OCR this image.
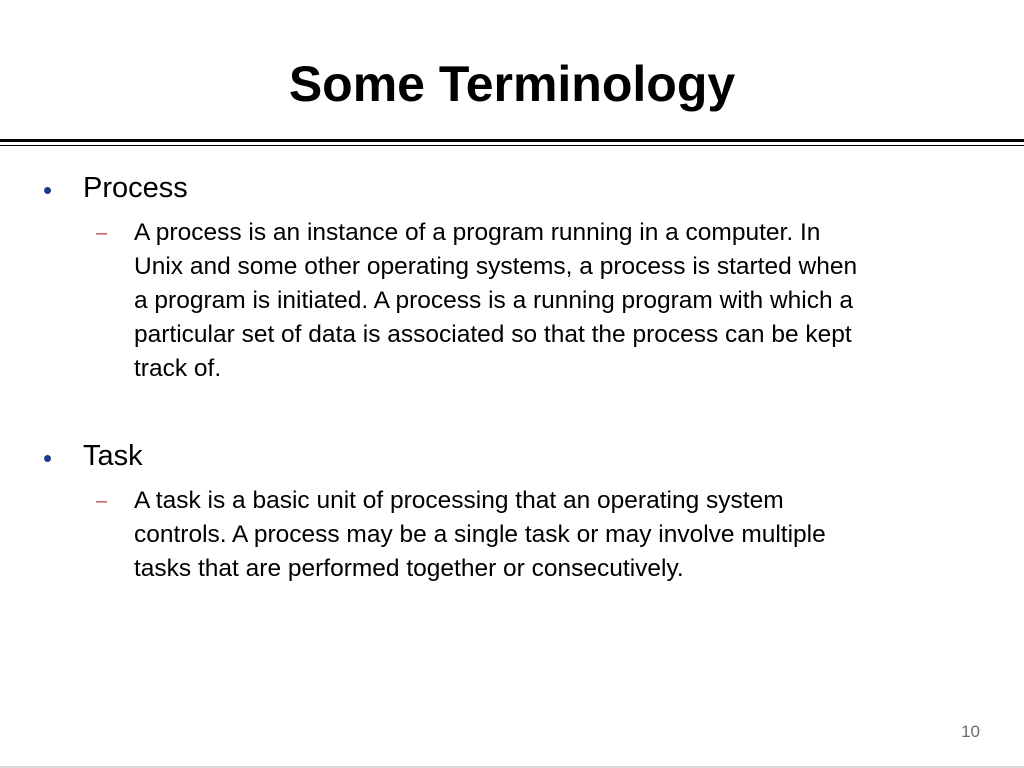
Some Terminology
• Process
– A process is an instance of a program running in a computer. In
Unix and some other operating systems, a process is started when
a program is initiated. A process is a running program with which a
particular set of data is associated so that the process can be kept
track of.
• Task
– A task is a basic unit of processing that an operating system
controls. A process may be a single task or may involve multiple
tasks that are performed together or consecutively.
10
